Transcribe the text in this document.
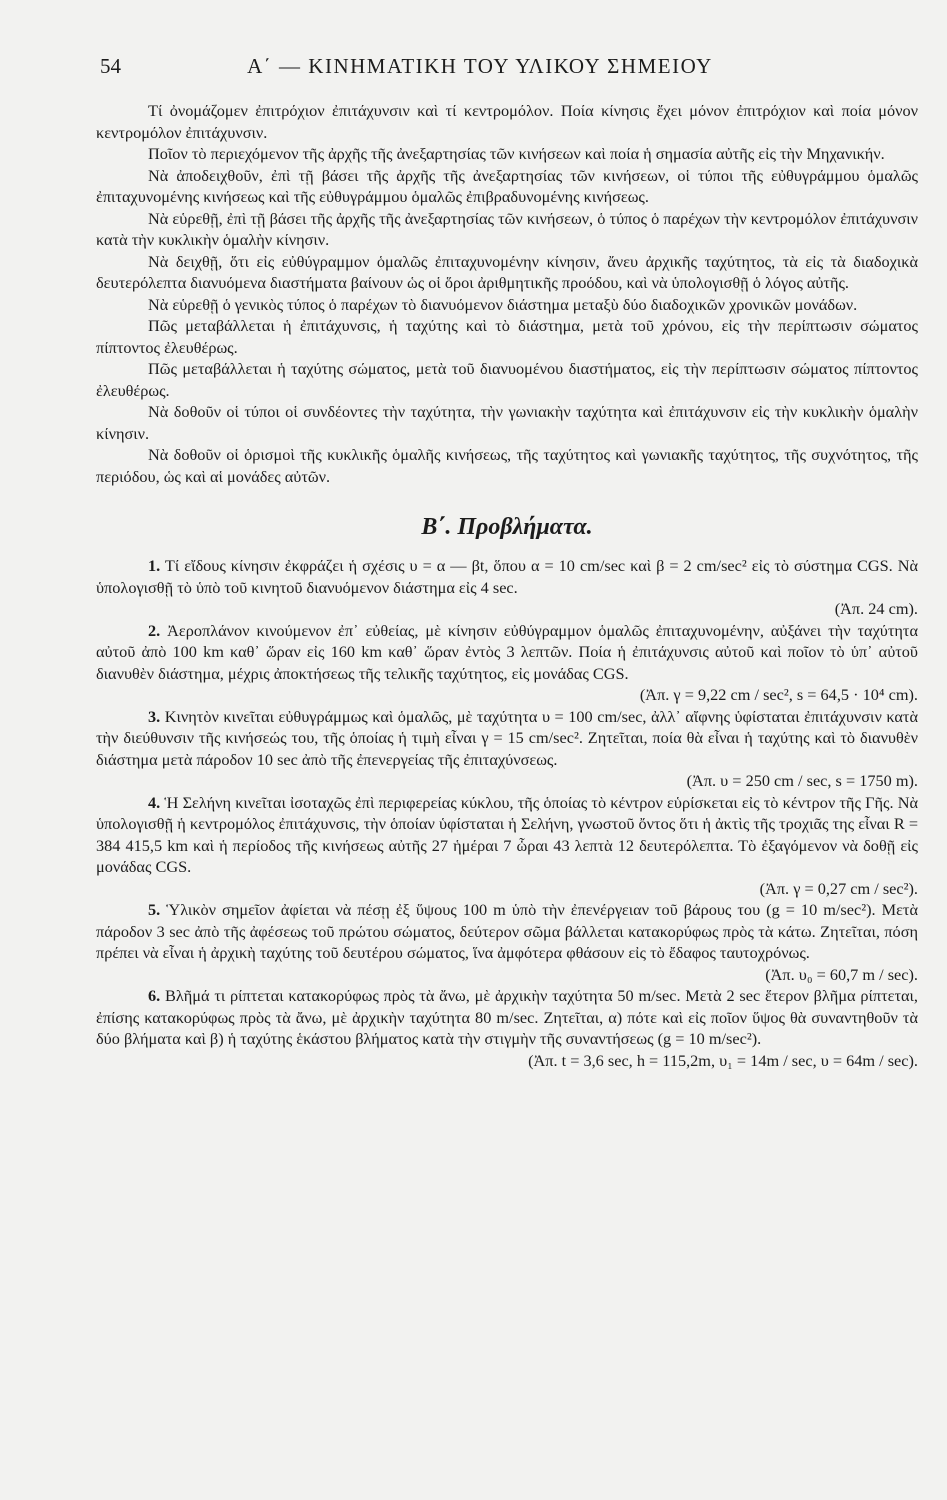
54	Α΄ — ΚΙΝΗΜΑΤΙΚΗ ΤΟΥ ΥΛΙΚΟΥ ΣΗΜΕΙΟΥ

Τί ὀνομάζομεν ἐπιτρόχιον ἐπιτάχυνσιν καὶ τί κεντρομόλον. Ποία κίνησις ἔχει μόνον ἐπιτρόχιον καὶ ποία μόνον κεντρομόλον ἐπιτάχυνσιν.

Ποῖον τὸ περιεχόμενον τῆς ἀρχῆς τῆς ἀνεξαρτησίας τῶν κινήσεων καὶ ποία ἡ σημασία αὐτῆς εἰς τὴν Μηχανικήν.

Νὰ ἀποδειχθοῦν, ἐπὶ τῇ βάσει τῆς ἀρχῆς τῆς ἀνεξαρτησίας τῶν κινήσεων, οἱ τύποι τῆς εὐθυγράμμου ὁμαλῶς ἐπιταχυνομένης κινήσεως καὶ τῆς εὐθυγράμμου ὁμαλῶς ἐπιβραδυνομένης κινήσεως.

Νὰ εὑρεθῇ, ἐπὶ τῇ βάσει τῆς ἀρχῆς τῆς ἀνεξαρτησίας τῶν κινήσεων, ὁ τύπος ὁ παρέχων τὴν κεντρομόλον ἐπιτάχυνσιν κατὰ τὴν κυκλικὴν ὁμαλὴν κίνησιν.

Νὰ δειχθῇ, ὅτι εἰς εὐθύγραμμον ὁμαλῶς ἐπιταχυνομένην κίνησιν, ἄνευ ἀρχικῆς ταχύτητος, τὰ εἰς τὰ διαδοχικὰ δευτερόλεπτα διανυόμενα διαστήματα βαίνουν ὡς οἱ ὅροι ἀριθμητικῆς προόδου, καὶ νὰ ὑπολογισθῇ ὁ λόγος αὐτῆς.

Νὰ εὑρεθῇ ὁ γενικὸς τύπος ὁ παρέχων τὸ διανυόμενον διάστημα μεταξὺ δύο διαδοχικῶν χρονικῶν μονάδων.

Πῶς μεταβάλλεται ἡ ἐπιτάχυνσις, ἡ ταχύτης καὶ τὸ διάστημα, μετὰ τοῦ χρόνου, εἰς τὴν περίπτωσιν σώματος πίπτοντος ἐλευθέρως.

Πῶς μεταβάλλεται ἡ ταχύτης σώματος, μετὰ τοῦ διανυομένου διαστήματος, εἰς τὴν περίπτωσιν σώματος πίπτοντος ἐλευθέρως.

Νὰ δοθοῦν οἱ τύποι οἱ συνδέοντες τὴν ταχύτητα, τὴν γωνιακὴν ταχύτητα καὶ ἐπιτάχυνσιν εἰς τὴν κυκλικὴν ὁμαλὴν κίνησιν.

Νὰ δοθοῦν οἱ ὁρισμοὶ τῆς κυκλικῆς ὁμαλῆς κινήσεως, τῆς ταχύτητος καὶ γωνιακῆς ταχύτητος, τῆς συχνότητος, τῆς περιόδου, ὡς καὶ αἱ μονάδες αὐτῶν.

Β΄. Προβλήματα.

1. Τί εἴδους κίνησιν ἐκφράζει ἡ σχέσις υ = α — βt, ὅπου α = 10 cm/sec καὶ β = 2 cm/sec² εἰς τὸ σύστημα CGS. Νὰ ὑπολογισθῇ τὸ ὑπὸ τοῦ κινητοῦ διανυόμενον διάστημα εἰς 4 sec.

(Ἀπ. 24 cm).

2. Ἀεροπλάνον κινούμενον ἐπ᾽ εὐθείας, μὲ κίνησιν εὐθύγραμμον ὁμαλῶς ἐπιταχυνομένην, αὐξάνει τὴν ταχύτητα αὐτοῦ ἀπὸ 100 km καθ᾽ ὥραν εἰς 160 km καθ᾽ ὥραν ἐντὸς 3 λεπτῶν. Ποία ἡ ἐπιτάχυνσις αὐτοῦ καὶ ποῖον τὸ ὑπ᾽ αὐτοῦ διανυθὲν διάστημα, μέχρις ἀποκτήσεως τῆς τελικῆς ταχύτητος, εἰς μονάδας CGS.

(Ἀπ. γ = 9,22 cm / sec², s = 64,5 · 10⁴ cm).

3. Κινητὸν κινεῖται εὐθυγράμμως καὶ ὁμαλῶς, μὲ ταχύτητα υ = 100 cm/sec, ἀλλ᾽ αἴφνης ὑφίσταται ἐπιτάχυνσιν κατὰ τὴν διεύθυνσιν τῆς κινήσεώς του, τῆς ὁποίας ἡ τιμὴ εἶναι γ = 15 cm/sec². Ζητεῖται, ποία θὰ εἶναι ἡ ταχύτης καὶ τὸ διανυθὲν διάστημα μετὰ πάροδον 10 sec ἀπὸ τῆς ἐπενεργείας τῆς ἐπιταχύνσεως.

(Ἀπ. υ = 250 cm / sec, s = 1750 m).

4. Ἡ Σελήνη κινεῖται ἰσοταχῶς ἐπὶ περιφερείας κύκλου, τῆς ὁποίας τὸ κέντρον εὑρίσκεται εἰς τὸ κέντρον τῆς Γῆς. Νὰ ὑπολογισθῇ ἡ κεντρομόλος ἐπιτάχυνσις, τὴν ὁποίαν ὑφίσταται ἡ Σελήνη, γνωστοῦ ὄντος ὅτι ἡ ἀκτὶς τῆς τροχιᾶς της εἶναι R = 384 415,5 km καὶ ἡ περίοδος τῆς κινήσεως αὐτῆς 27 ἡμέραι 7 ὧραι 43 λεπτὰ 12 δευτερόλεπτα. Τὸ ἐξαγόμενον νὰ δοθῇ εἰς μονάδας CGS.

(Ἀπ. γ = 0,27 cm / sec²).

5. Ὑλικὸν σημεῖον ἀφίεται νὰ πέσῃ ἐξ ὕψους 100 m ὑπὸ τὴν ἐπενέργειαν τοῦ βάρους του (g = 10 m/sec²). Μετὰ πάροδον 3 sec ἀπὸ τῆς ἀφέσεως τοῦ πρώτου σώματος, δεύτερον σῶμα βάλλεται κατακορύφως πρὸς τὰ κάτω. Ζητεῖται, πόση πρέπει νὰ εἶναι ἡ ἀρχικὴ ταχύτης τοῦ δευτέρου σώματος, ἵνα ἀμφότερα φθάσουν εἰς τὸ ἔδαφος ταυτοχρόνως.

(Ἀπ. υ₀ = 60,7 m / sec).

6. Βλῆμά τι ρίπτεται κατακορύφως πρὸς τὰ ἄνω, μὲ ἀρχικὴν ταχύτητα 50 m/sec. Μετὰ 2 sec ἕτερον βλῆμα ρίπτεται, ἐπίσης κατακορύφως πρὸς τὰ ἄνω, μὲ ἀρχικὴν ταχύτητα 80 m/sec. Ζητεῖται, α) πότε καὶ εἰς ποῖον ὕψος θὰ συναντηθοῦν τὰ δύο βλήματα καὶ β) ἡ ταχύτης ἑκάστου βλήματος κατὰ τὴν στιγμὴν τῆς συναντήσεως (g = 10 m/sec²).

(Ἀπ. t = 3,6 sec, h = 115,2m, υ₁ = 14m / sec, υ = 64m / sec).
